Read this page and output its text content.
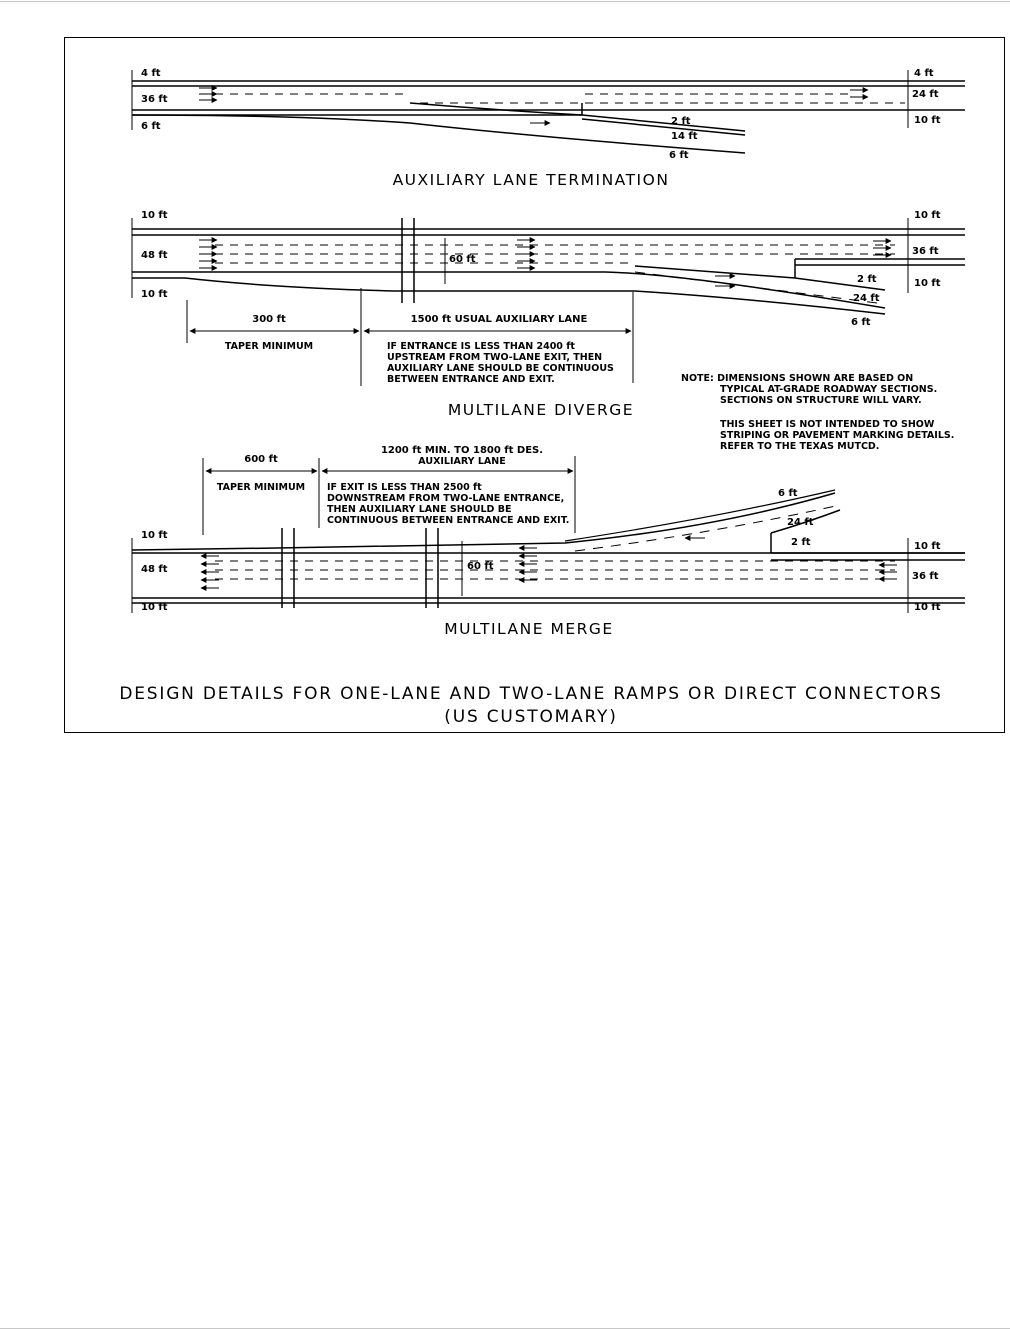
4 ft
36 ft
6 ft
4 ft
24 ft
10 ft
2 ft
14 ft
6 ft
AUXILIARY LANE TERMINATION
10 ft
48 ft
10 ft
10 ft
36 ft
10 ft
60 ft
2 ft
24 ft
6 ft
300 ft
TAPER MINIMUM
1500 ft USUAL AUXILIARY LANE
IF ENTRANCE IS LESS THAN 2400 ft
UPSTREAM FROM TWO-LANE EXIT, THEN
AUXILIARY LANE SHOULD BE CONTINUOUS
BETWEEN ENTRANCE AND EXIT.
MULTILANE DIVERGE
NOTE: DIMENSIONS SHOWN ARE BASED ON
TYPICAL AT-GRADE ROADWAY SECTIONS.
SECTIONS ON STRUCTURE WILL VARY.
THIS SHEET IS NOT INTENDED TO SHOW
STRIPING OR PAVEMENT MARKING DETAILS.
REFER TO THE TEXAS MUTCD.
1200 ft MIN. TO 1800 ft DES.
AUXILIARY LANE
600 ft
TAPER MINIMUM IF EXIT IS LESS THAN 2500 ft
DOWNSTREAM FROM TWO-LANE ENTRANCE,
THEN AUXILIARY LANE SHOULD BE
CONTINUOUS BETWEEN ENTRANCE AND EXIT.
10 ft
48 ft
10 ft
10 ft
36 ft
10 ft
60 ft
6 ft
24 ft
2 ft
MULTILANE MERGE
DESIGN DETAILS FOR ONE-LANE AND TWO-LANE RAMPS OR DIRECT CONNECTORS
(US CUSTOMARY)
